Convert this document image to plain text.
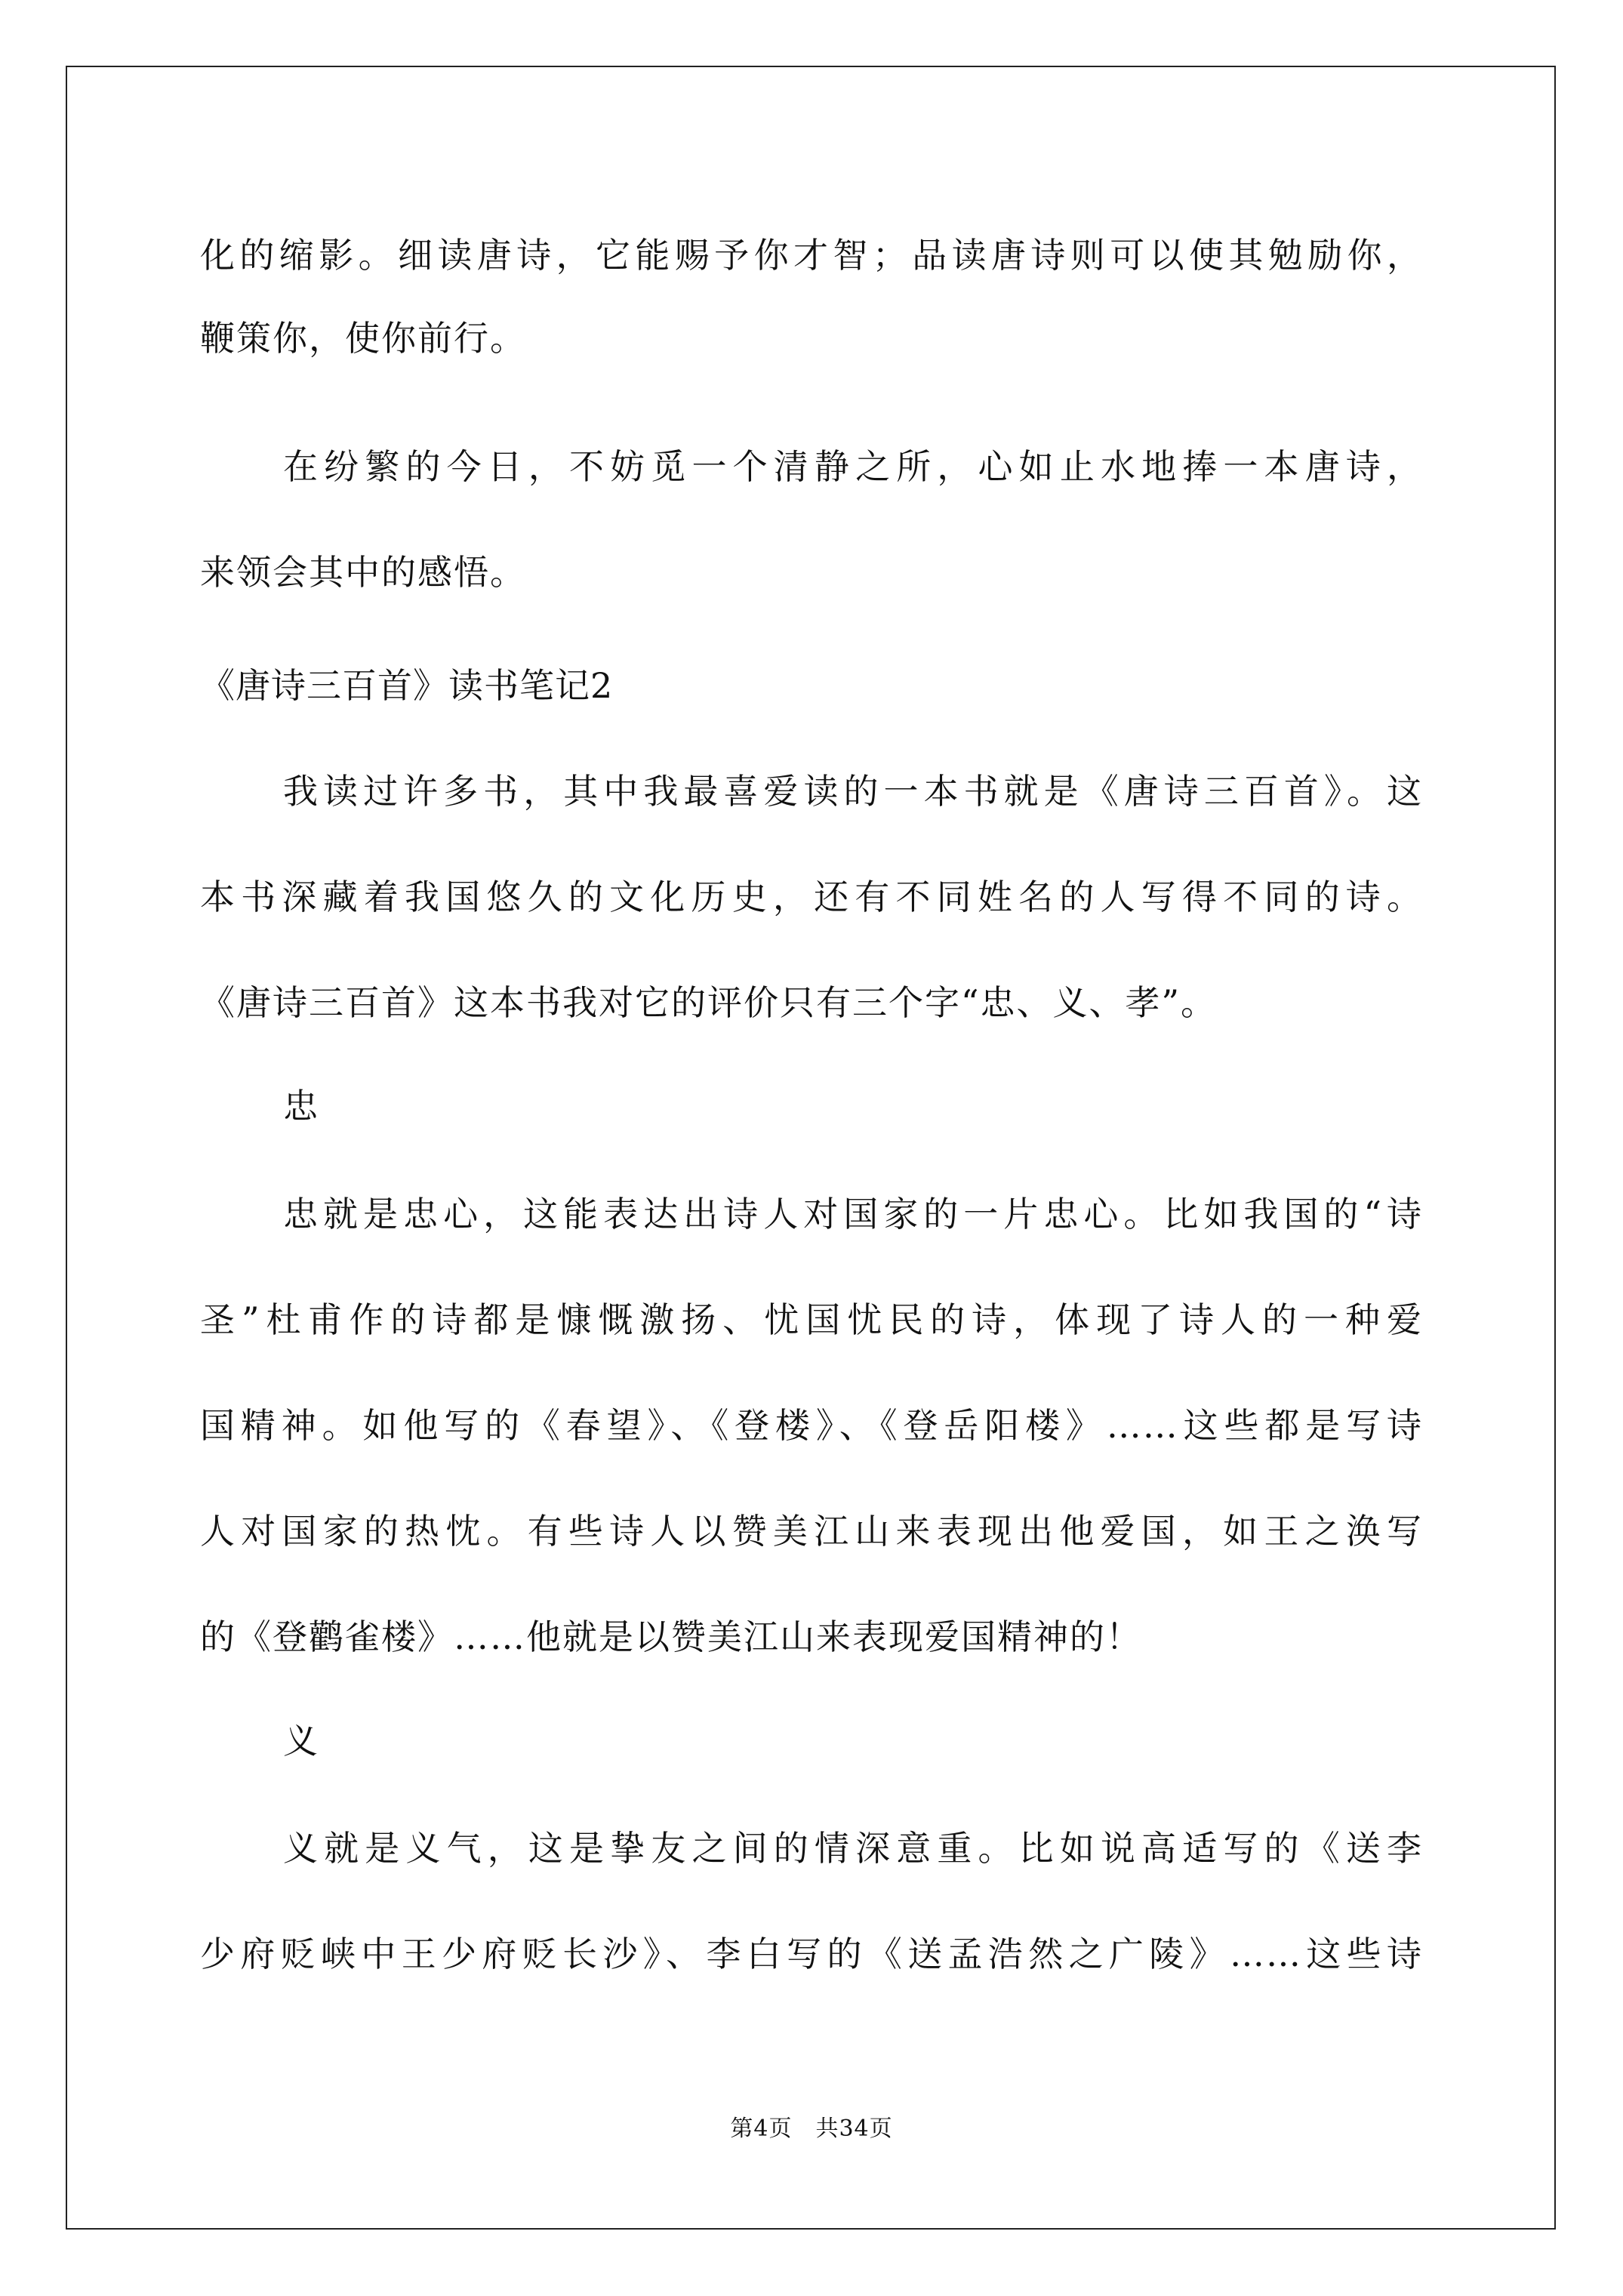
化的缩影。细读唐诗，它能赐予你才智；品读唐诗则可以使其勉励你，
鞭策你，使你前行。
在纷繁的今日，不妨觅一个清静之所，心如止水地捧一本唐诗，
来领会其中的感悟。
《唐诗三百首》读书笔记2
我读过许多书，其中我最喜爱读的一本书就是《唐诗三百首》。这
本书深藏着我国悠久的文化历史，还有不同姓名的人写得不同的诗。
《唐诗三百首》这本书我对它的评价只有三个字“忠、义、孝”。
忠
忠就是忠心，这能表达出诗人对国家的一片忠心。比如我国的“诗
圣”杜甫作的诗都是慷慨激扬、忧国忧民的诗，体现了诗人的一种爱
国精神。如他写的《春望》、《登楼》、《登岳阳楼》……这些都是写诗
人对国家的热忱。有些诗人以赞美江山来表现出他爱国，如王之涣写
的《登鹳雀楼》……他就是以赞美江山来表现爱国精神的！
义
义就是义气，这是挚友之间的情深意重。比如说高适写的《送李
少府贬峡中王少府贬长沙》、李白写的《送孟浩然之广陵》……这些诗
第4页　共34页
